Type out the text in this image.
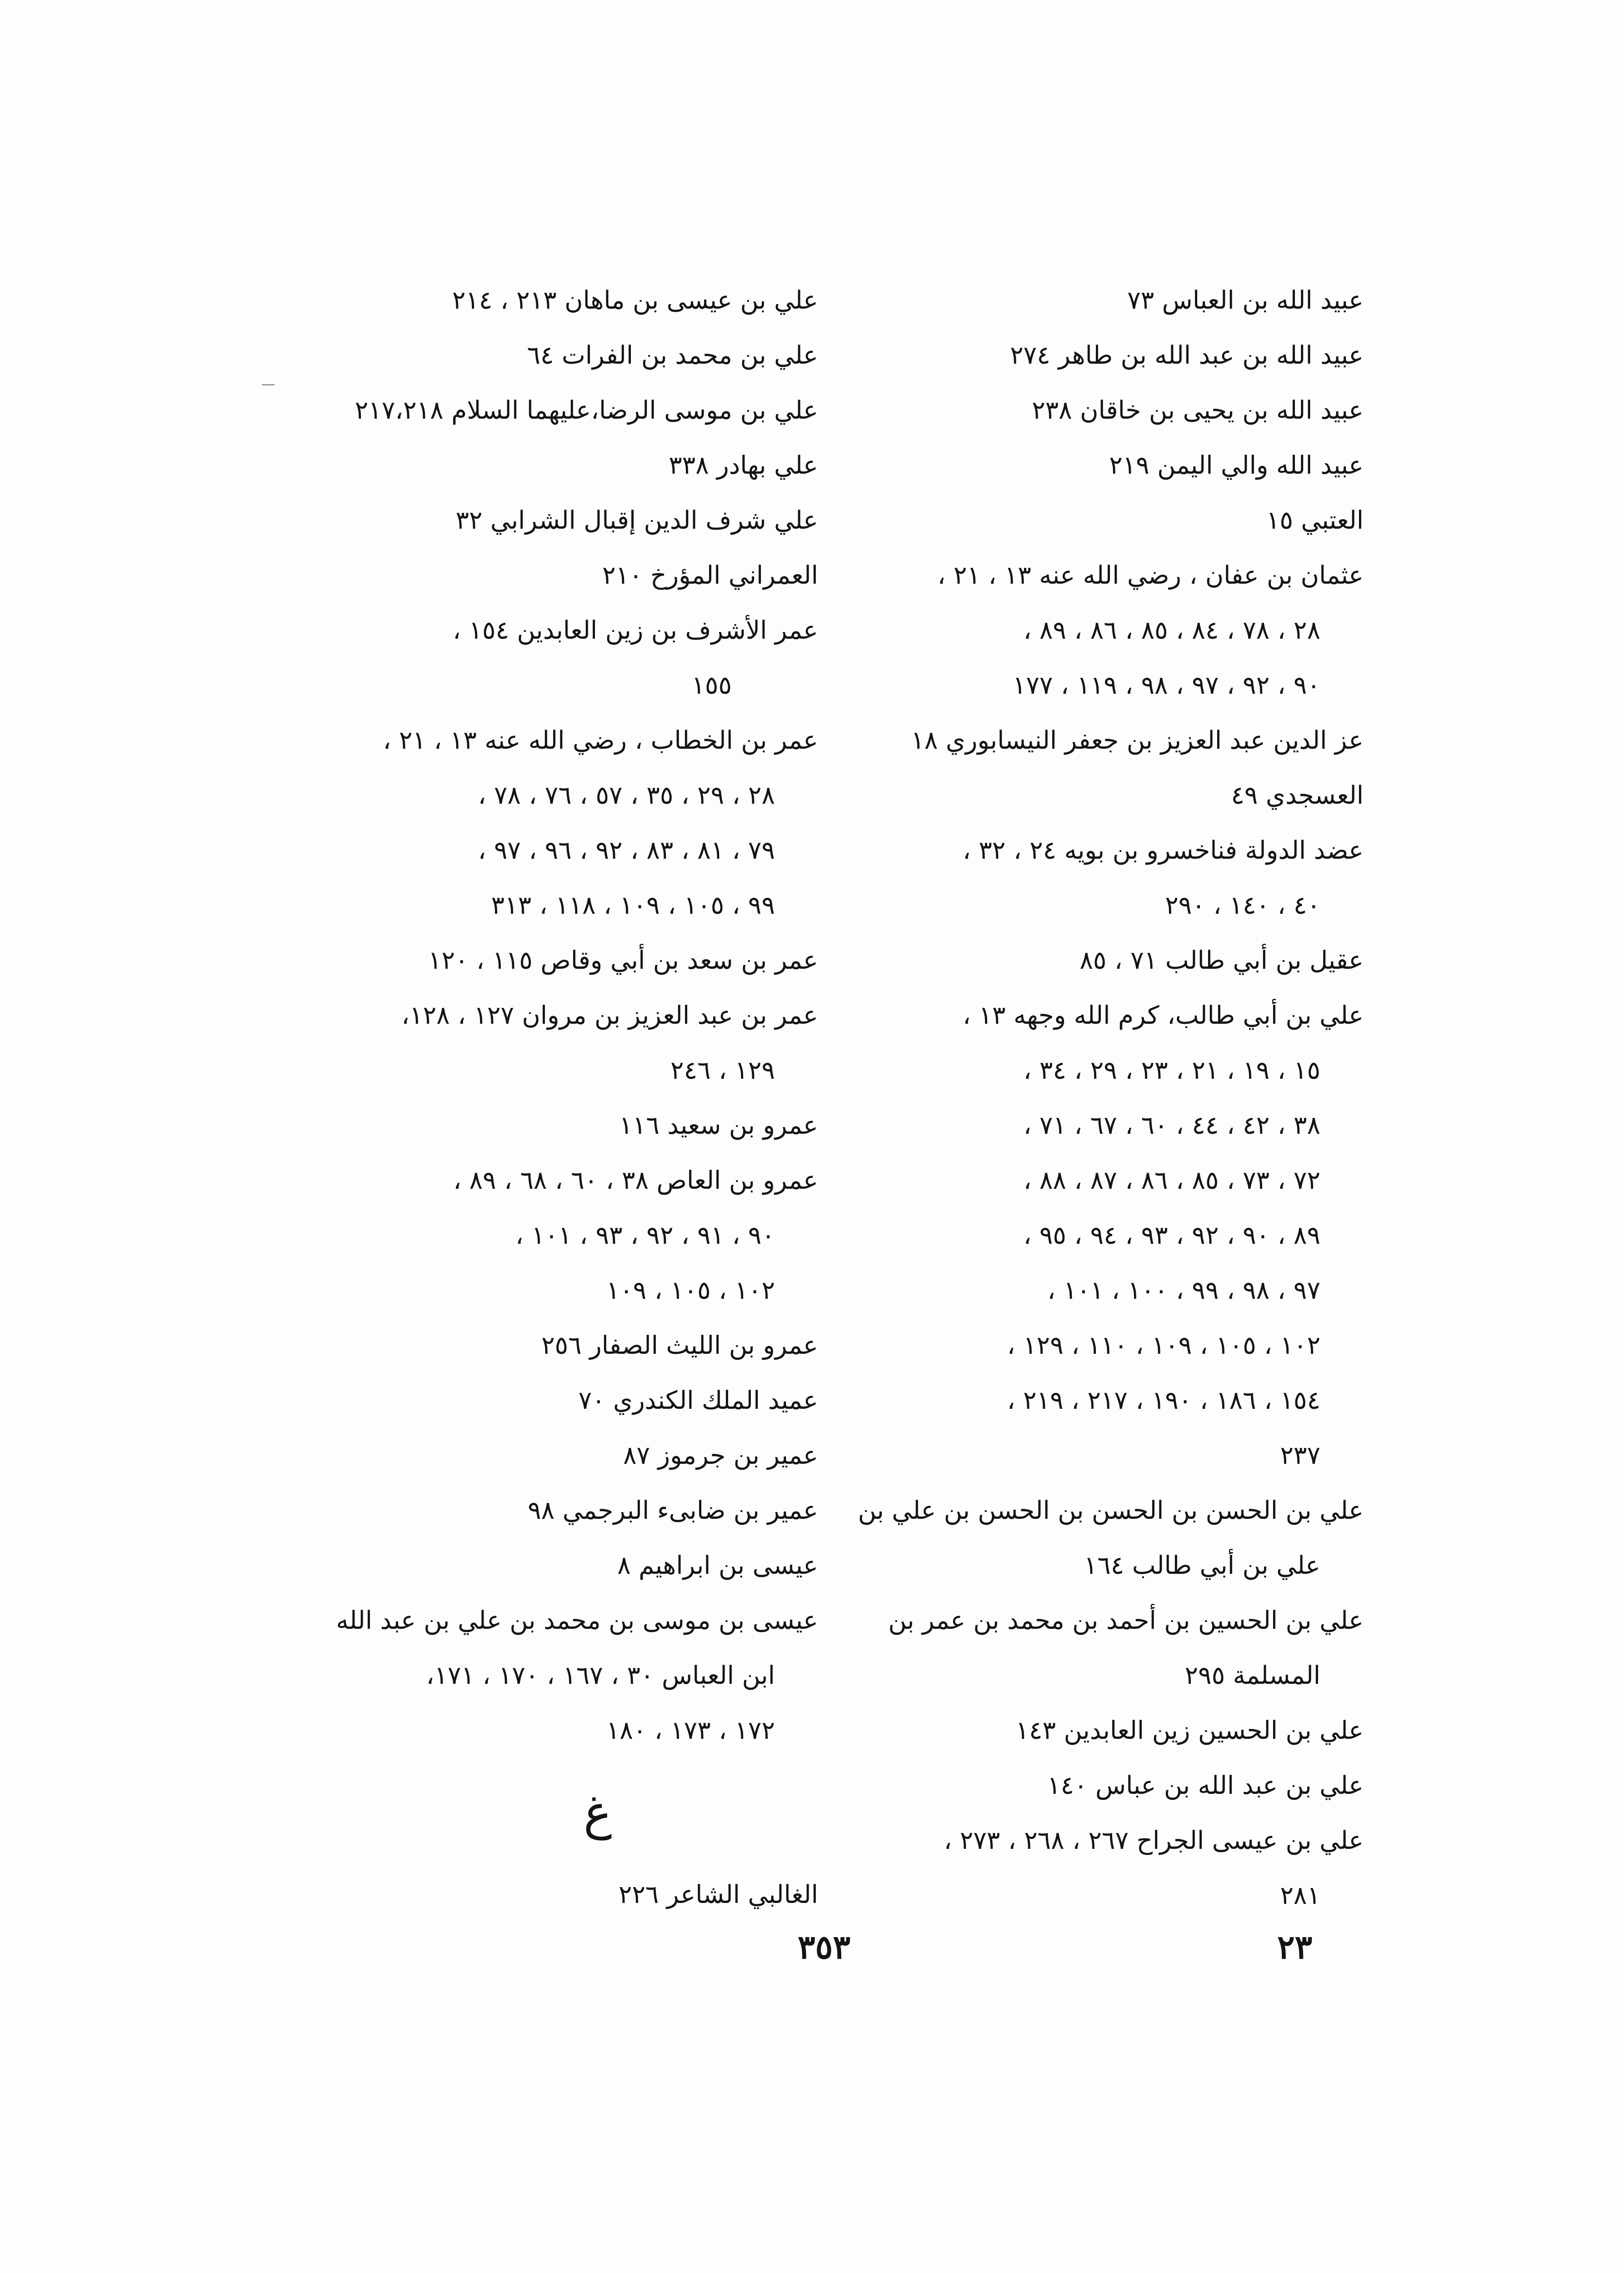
عبيد الله بن العباس ٧٣
عبيد الله بن عبد الله بن طاهر ٢٧٤
عبيد الله بن يحيى بن خاقان ٢٣٨
عبيد الله والي اليمن ٢١٩
العتبي ١٥
عثمان بن عفان ، رضي الله عنه ١٣ ، ٢١ ،
٢٨ ، ٧٨ ، ٨٤ ، ٨٥ ، ٨٦ ، ٨٩ ،
٩٠ ، ٩٢ ، ٩٧ ، ٩٨ ، ١١٩ ، ١٧٧
عز الدين عبد العزيز بن جعفر النيسابوري ١٨
العسجدي ٤٩
عضد الدولة فناخسرو بن بويه ٢٤ ، ٣٢ ،
٤٠ ، ١٤٠ ، ٢٩٠
عقيل بن أبي طالب ٧١ ، ٨٥
علي بن أبي طالب، كرم الله وجهه ١٣ ،
١٥ ، ١٩ ، ٢١ ، ٢٣ ، ٢٩ ، ٣٤ ،
٣٨ ، ٤٢ ، ٤٤ ، ٦٠ ، ٦٧ ، ٧١ ،
٧٢ ، ٧٣ ، ٨٥ ، ٨٦ ، ٨٧ ، ٨٨ ،
٨٩ ، ٩٠ ، ٩٢ ، ٩٣ ، ٩٤ ، ٩٥ ،
٩٧ ، ٩٨ ، ٩٩ ، ١٠٠ ، ١٠١ ،
١٠٢ ، ١٠٥ ، ١٠٩ ، ١١٠ ، ١٢٩ ،
١٥٤ ، ١٨٦ ، ١٩٠ ، ٢١٧ ، ٢١٩ ،
٢٣٧
علي بن الحسن بن الحسن بن الحسن بن علي بن
علي بن أبي طالب ١٦٤
علي بن الحسين بن أحمد بن محمد بن عمر بن
المسلمة ٢٩٥
علي بن الحسين زين العابدين ١٤٣
علي بن عبد الله بن عباس ١٤٠
علي بن عيسى الجراح ٢٦٧ ، ٢٦٨ ، ٢٧٣ ،
٢٨١
علي بن عيسى بن ماهان ٢١٣ ، ٢١٤
علي بن محمد بن الفرات ٦٤
علي بن موسى الرضا،عليهما السلام ٢١٧،٢١٨
علي بهادر ٣٣٨
علي شرف الدين إقبال الشرابي ٣٢
العمراني المؤرخ ٢١٠
عمر الأشرف بن زين العابدين ١٥٤ ،
١٥٥
عمر بن الخطاب ، رضي الله عنه ١٣ ، ٢١ ،
٢٨ ، ٢٩ ، ٣٥ ، ٥٧ ، ٧٦ ، ٧٨ ،
٧٩ ، ٨١ ، ٨٣ ، ٩٢ ، ٩٦ ، ٩٧ ،
٩٩ ، ١٠٥ ، ١٠٩ ، ١١٨ ، ٣١٣
عمر بن سعد بن أبي وقاص ١١٥ ، ١٢٠
عمر بن عبد العزيز بن مروان ١٢٧ ، ١٢٨،
١٢٩ ، ٢٤٦
عمرو بن سعيد ١١٦
عمرو بن العاص ٣٨ ، ٦٠ ، ٦٨ ، ٨٩ ،
٩٠ ، ٩١ ، ٩٢ ، ٩٣ ، ١٠١ ،
١٠٢ ، ١٠٥ ، ١٠٩
عمرو بن الليث الصفار ٢٥٦
عميد الملك الكندري ٧٠
عمير بن جرموز ٨٧
عمير بن ضابىء البرجمي ٩٨
عيسى بن ابراهيم ٨
عيسى بن موسى بن محمد بن علي بن عبد الله
ابن العباس ٣٠ ، ١٦٧ ، ١٧٠ ، ١٧١،
١٧٢ ، ١٧٣ ، ١٨٠
غ
الغالبي الشاعر ٢٢٦
٢٣
٣٥٣
